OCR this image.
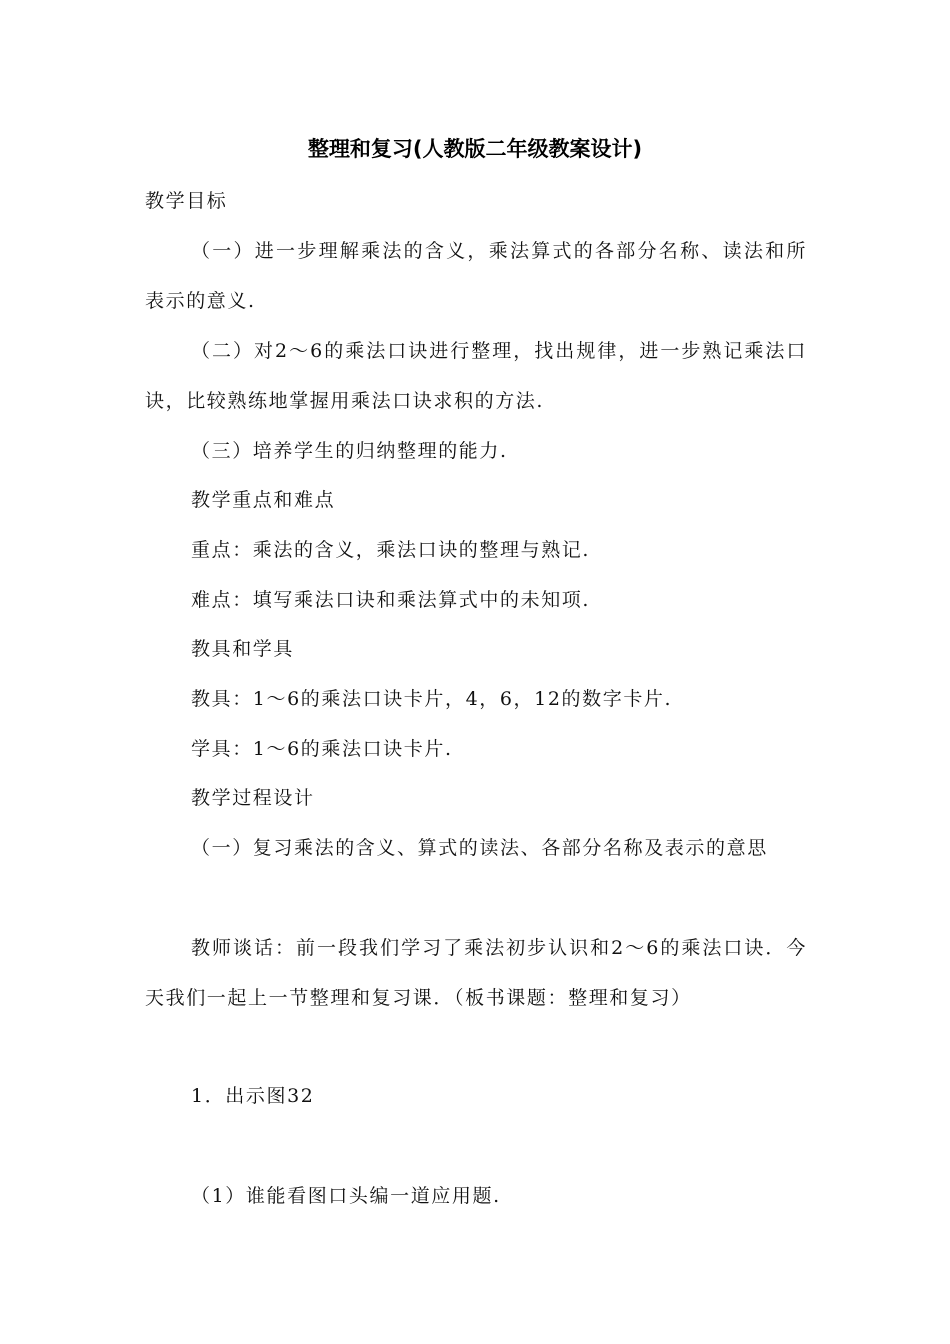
整理和复习(人教版二年级教案设计)
教学目标
（一）进一步理解乘法的含义，乘法算式的各部分名称、读法和所表示的意义.
（二）对2～6的乘法口诀进行整理，找出规律，进一步熟记乘法口诀，比较熟练地掌握用乘法口诀求积的方法.
（三）培养学生的归纳整理的能力.
教学重点和难点
重点：乘法的含义，乘法口诀的整理与熟记.
难点：填写乘法口诀和乘法算式中的未知项.
教具和学具
教具：1～6的乘法口诀卡片，4，6，12的数字卡片.
学具：1～6的乘法口诀卡片.
教学过程设计
（一）复习乘法的含义、算式的读法、各部分名称及表示的意思
教师谈话：前一段我们学习了乘法初步认识和2～6的乘法口诀．今天我们一起上一节整理和复习课．（板书课题：整理和复习）
1．出示图32
（1）谁能看图口头编一道应用题.
